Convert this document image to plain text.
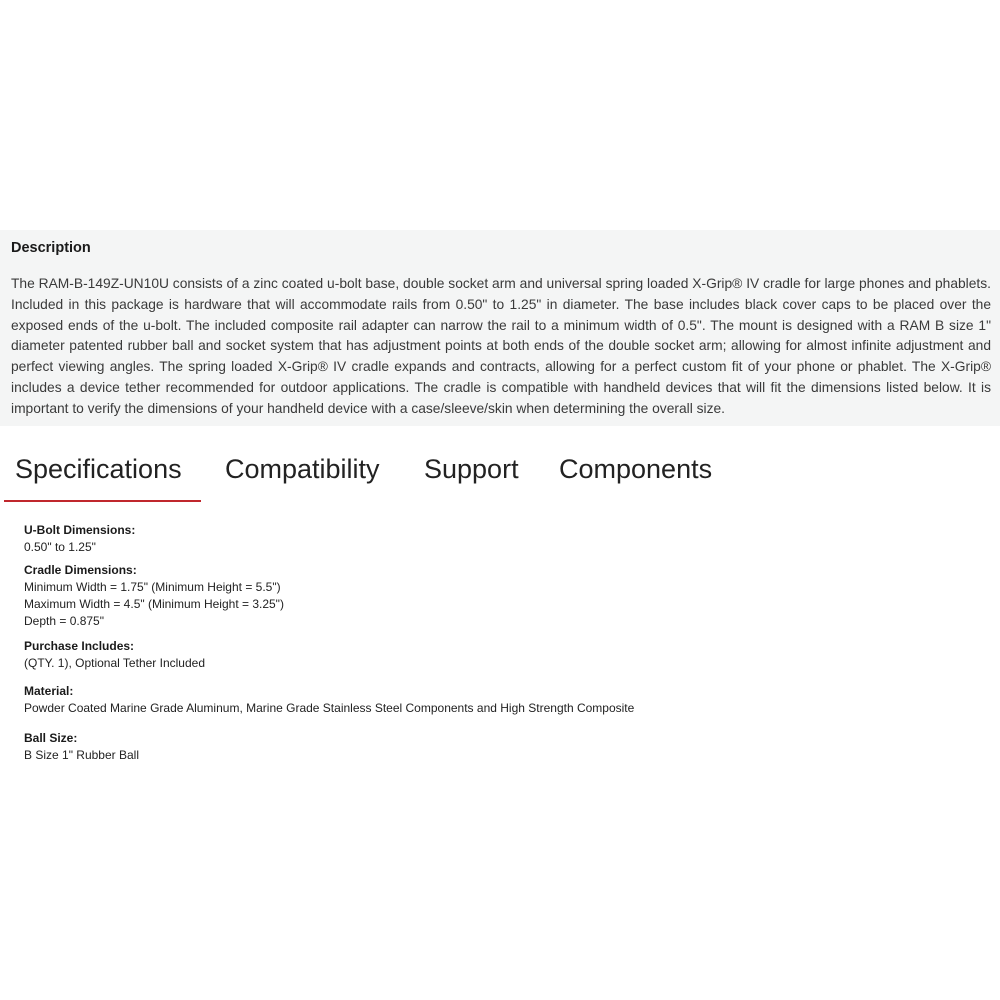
Description
The RAM-B-149Z-UN10U consists of a zinc coated u-bolt base, double socket arm and universal spring loaded X-Grip® IV cradle for large phones and phablets. Included in this package is hardware that will accommodate rails from 0.50" to 1.25" in diameter. The base includes black cover caps to be placed over the exposed ends of the u-bolt. The included composite rail adapter can narrow the rail to a minimum width of 0.5". The mount is designed with a RAM B size 1" diameter patented rubber ball and socket system that has adjustment points at both ends of the double socket arm; allowing for almost infinite adjustment and perfect viewing angles. The spring loaded X-Grip® IV cradle expands and contracts, allowing for a perfect custom fit of your phone or phablet. The X-Grip® includes a device tether recommended for outdoor applications. The cradle is compatible with handheld devices that will fit the dimensions listed below. It is important to verify the dimensions of your handheld device with a case/sleeve/skin when determining the overall size.
Specifications Compatibility Support Components
U-Bolt Dimensions:
0.50" to 1.25"
Cradle Dimensions:
Minimum Width = 1.75" (Minimum Height = 5.5")
Maximum Width = 4.5" (Minimum Height = 3.25")
Depth = 0.875"
Purchase Includes:
(QTY. 1), Optional Tether Included
Material:
Powder Coated Marine Grade Aluminum, Marine Grade Stainless Steel Components and High Strength Composite
Ball Size:
B Size 1" Rubber Ball
